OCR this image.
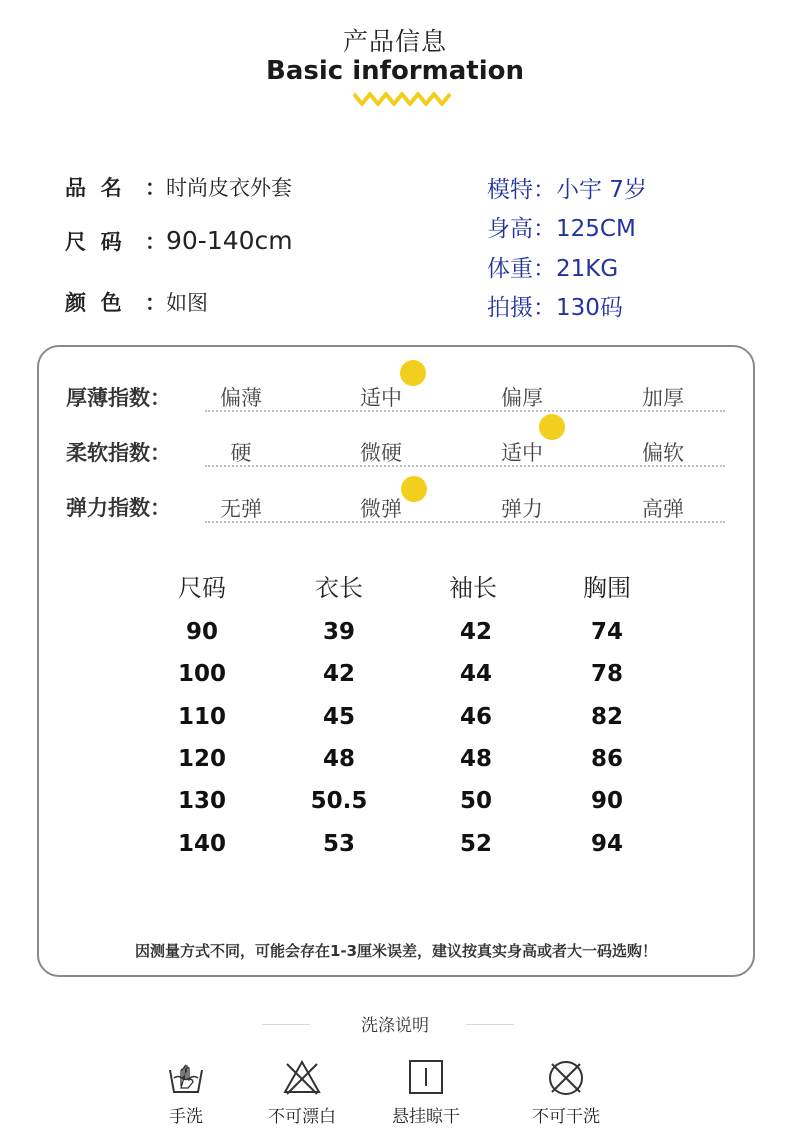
产品信息
Basic information
品  名 ：时尚皮衣外套
尺  码 ：90-140cm
颜  色 ：如图
模特：小宇 7岁
身高：125CM
体重：21KG
拍摄：130码
厚薄指数：	偏薄	适中	偏厚	加厚
柔软指数：	硬	微硬	适中	偏软
弹力指数：	无弹	微弹	弹力	高弹
尺码	衣长	袖长	胸围
90	39	42	74
100	42	44	78
110	45	46	82
120	48	48	86
130	50.5	50	90
140	53	52	94
因测量方式不同，可能会存在1-3厘米误差，建议按真实身高或者大一码选购！
洗涤说明
手洗	不可漂白	悬挂晾干	不可干洗
